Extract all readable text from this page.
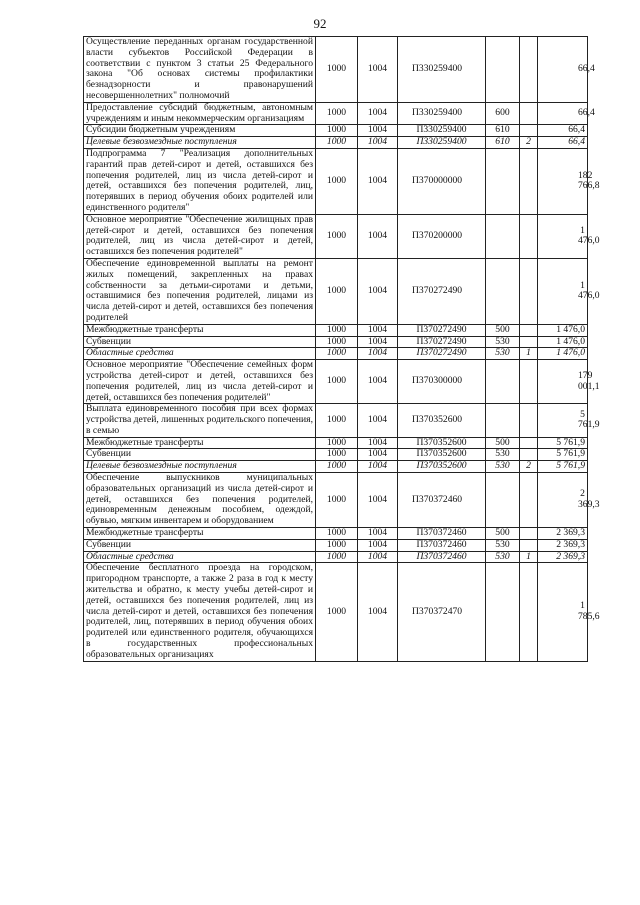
92
Осуществление переданных органам государственной власти субъектов Российской Федерации в соответствии с пунктом 3 статьи 25 Федерального закона "Об основах системы профилактики безнадзорности и правонарушений несовершеннолетних" полномочий	1000	1004	П330259400			66,4
Предоставление субсидий бюджетным, автономным учреждениям и иным некоммерческим организациям	1000	1004	П330259400	600		66,4
Субсидии бюджетным учреждениям	1000	1004	П330259400	610		66,4
Целевые безвозмездные поступления	1000	1004	П330259400	610	2	66,4
Подпрограмма 7 "Реализация дополнительных гарантий прав детей-сирот и детей, оставшихся без попечения родителей, лиц из числа детей-сирот и детей, оставшихся без попечения родителей, лиц, потерявших в период обучения обоих родителей или единственного родителя"	1000	1004	П370000000			182 766,8
Основное мероприятие "Обеспечение жилищных прав детей-сирот и детей, оставшихся без попечения родителей, лиц из числа детей-сирот и детей, оставшихся без попечения родителей"	1000	1004	П370200000			1 476,0
Обеспечение единовременной выплаты на ремонт жилых помещений, закрепленных на правах собственности за детьми-сиротами и детьми, оставшимися без попечения родителей, лицами из числа детей-сирот и детей, оставшихся без попечения родителей	1000	1004	П370272490			1 476,0
Межбюджетные трансферты	1000	1004	П370272490	500		1 476,0
Субвенции	1000	1004	П370272490	530		1 476,0
Областные средства	1000	1004	П370272490	530	1	1 476,0
Основное мероприятие "Обеспечение семейных форм устройства детей-сирот и детей, оставшихся без попечения родителей, лиц из числа детей-сирот и детей, оставшихся без попечения родителей"	1000	1004	П370300000			179 001,1
Выплата единовременного пособия при всех формах устройства детей, лишенных родительского попечения, в семью	1000	1004	П370352600			5 761,9
Межбюджетные трансферты	1000	1004	П370352600	500		5 761,9
Субвенции	1000	1004	П370352600	530		5 761,9
Целевые безвозмездные поступления	1000	1004	П370352600	530	2	5 761,9
Обеспечение выпускников муниципальных образовательных организаций из числа детей-сирот и детей, оставшихся без попечения родителей, единовременным денежным пособием, одеждой, обувью, мягким инвентарем и оборудованием	1000	1004	П370372460			2 369,3
Межбюджетные трансферты	1000	1004	П370372460	500		2 369,3
Субвенции	1000	1004	П370372460	530		2 369,3
Областные средства	1000	1004	П370372460	530	1	2 369,3
Обеспечение бесплатного проезда на городском, пригородном транспорте, а также 2 раза в год к месту жительства и обратно, к месту учебы детей-сирот и детей, оставшихся без попечения родителей, лиц из числа детей-сирот и детей, оставшихся без попечения родителей, лиц, потерявших в период обучения обоих родителей или единственного родителя, обучающихся в государственных профессиональных образовательных организациях	1000	1004	П370372470			1 785,6
